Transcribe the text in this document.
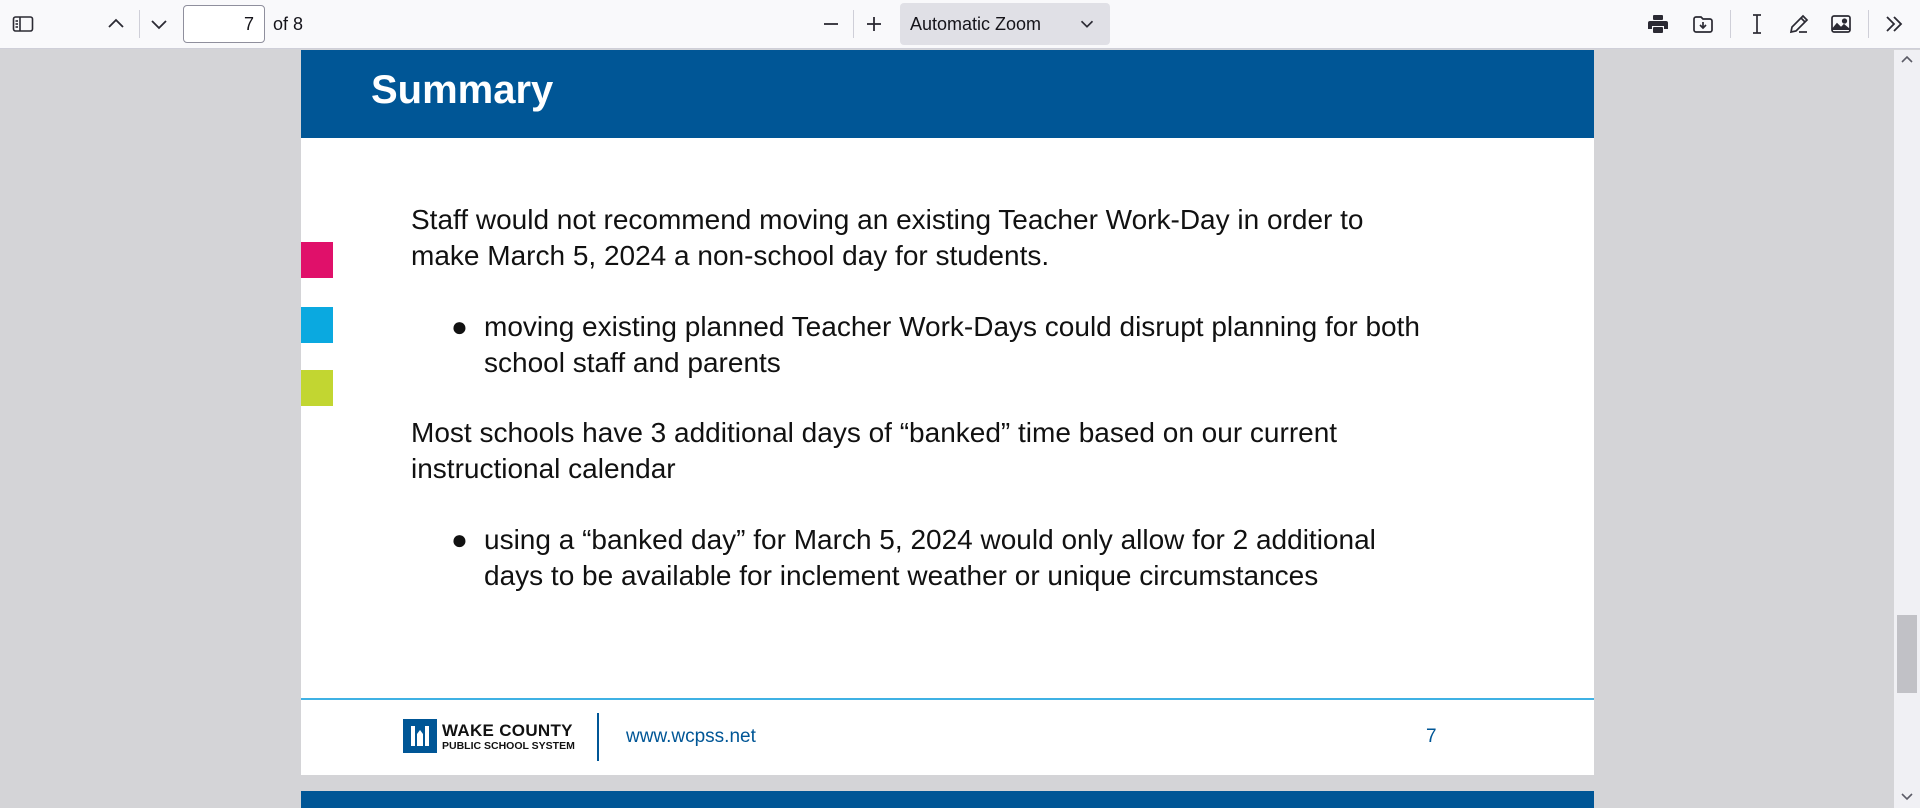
7
of 8	Automatic Zoom
Summary
Staff would not recommend moving an existing Teacher Work-Day in order to make March 5, 2024 a non-school day for students.
● moving existing planned Teacher Work-Days could disrupt planning for both school staff and parents
Most schools have 3 additional days of “banked” time based on our current instructional calendar
● using a “banked day” for March 5, 2024 would only allow for 2 additional days to be available for inclement weather or unique circumstances
WAKE COUNTY
PUBLIC SCHOOL SYSTEM	www.wcpss.net	7
